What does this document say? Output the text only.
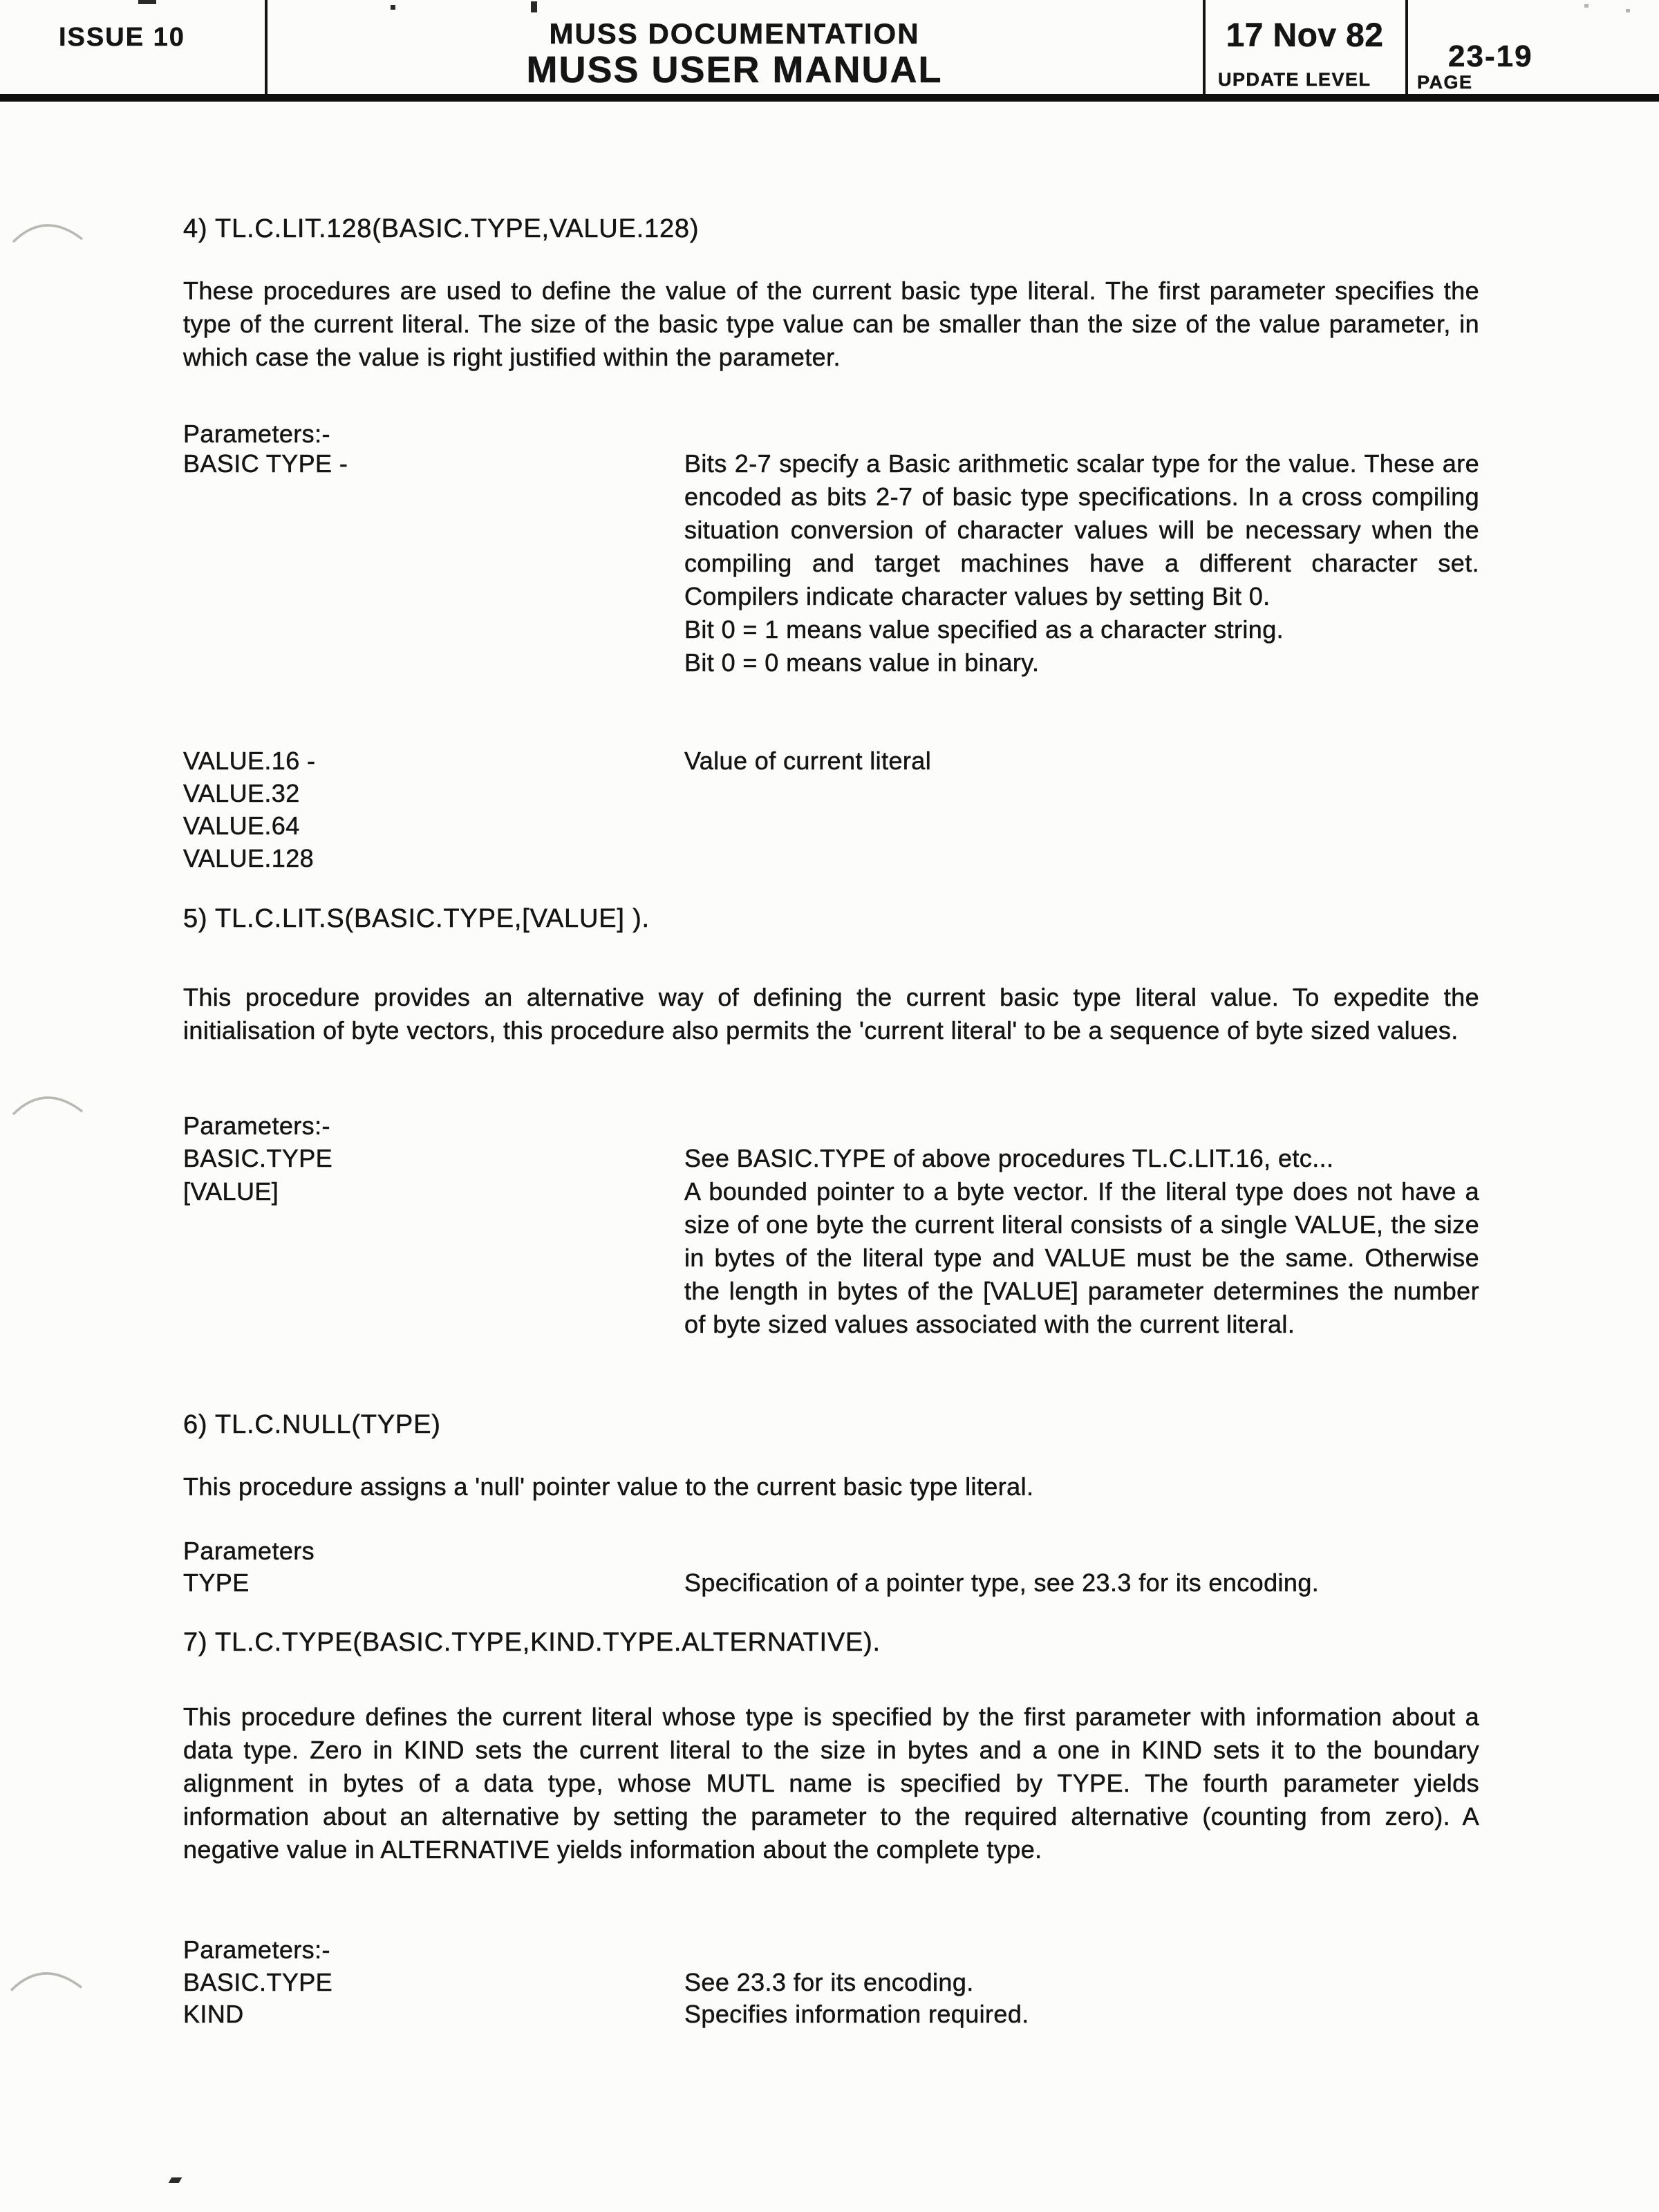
ISSUE 10	MUSS DOCUMENTATION
MUSS USER MANUAL
17 Nov 82
UPDATE LEVEL
23-19
PAGE
4) TL.C.LIT.128(BASIC.TYPE,VALUE.128)
These procedures are used to define the value of the current basic type literal. The first parameter specifies the type of the current literal. The size of the basic type value can be smaller than the size of the value parameter, in which case the value is right justified within the parameter.
Parameters:-
BASIC TYPE -	Bits 2-7 specify a Basic arithmetic scalar type for the value. These are encoded as bits 2-7 of basic type specifications. In a cross compiling situation conversion of character values will be necessary when the compiling and target machines have a different character set. Compilers indicate character values by setting Bit 0.
Bit 0 = 1 means value specified as a character string.
Bit 0 = 0 means value in binary.
VALUE.16 -	Value of current literal
VALUE.32
VALUE.64
VALUE.128
5) TL.C.LIT.S(BASIC.TYPE,[VALUE] ).
This procedure provides an alternative way of defining the current basic type literal value. To expedite the initialisation of byte vectors, this procedure also permits the 'current literal' to be a sequence of byte sized values.
Parameters:-
BASIC.TYPE	See BASIC.TYPE of above procedures TL.C.LIT.16, etc...
[VALUE]	A bounded pointer to a byte vector. If the literal type does not have a size of one byte the current literal consists of a single VALUE, the size in bytes of the literal type and VALUE must be the same. Otherwise the length in bytes of the [VALUE] parameter determines the number of byte sized values associated with the current literal.
6) TL.C.NULL(TYPE)
This procedure assigns a 'null' pointer value to the current basic type literal.
Parameters
TYPE	Specification of a pointer type, see 23.3 for its encoding.
7) TL.C.TYPE(BASIC.TYPE,KIND.TYPE.ALTERNATIVE).
This procedure defines the current literal whose type is specified by the first parameter with information about a data type. Zero in KIND sets the current literal to the size in bytes and a one in KIND sets it to the boundary alignment in bytes of a data type, whose MUTL name is specified by TYPE. The fourth parameter yields information about an alternative by setting the parameter to the required alternative (counting from zero). A negative value in ALTERNATIVE yields information about the complete type.
Parameters:-
BASIC.TYPE	See 23.3 for its encoding.
KIND	Specifies information required.
